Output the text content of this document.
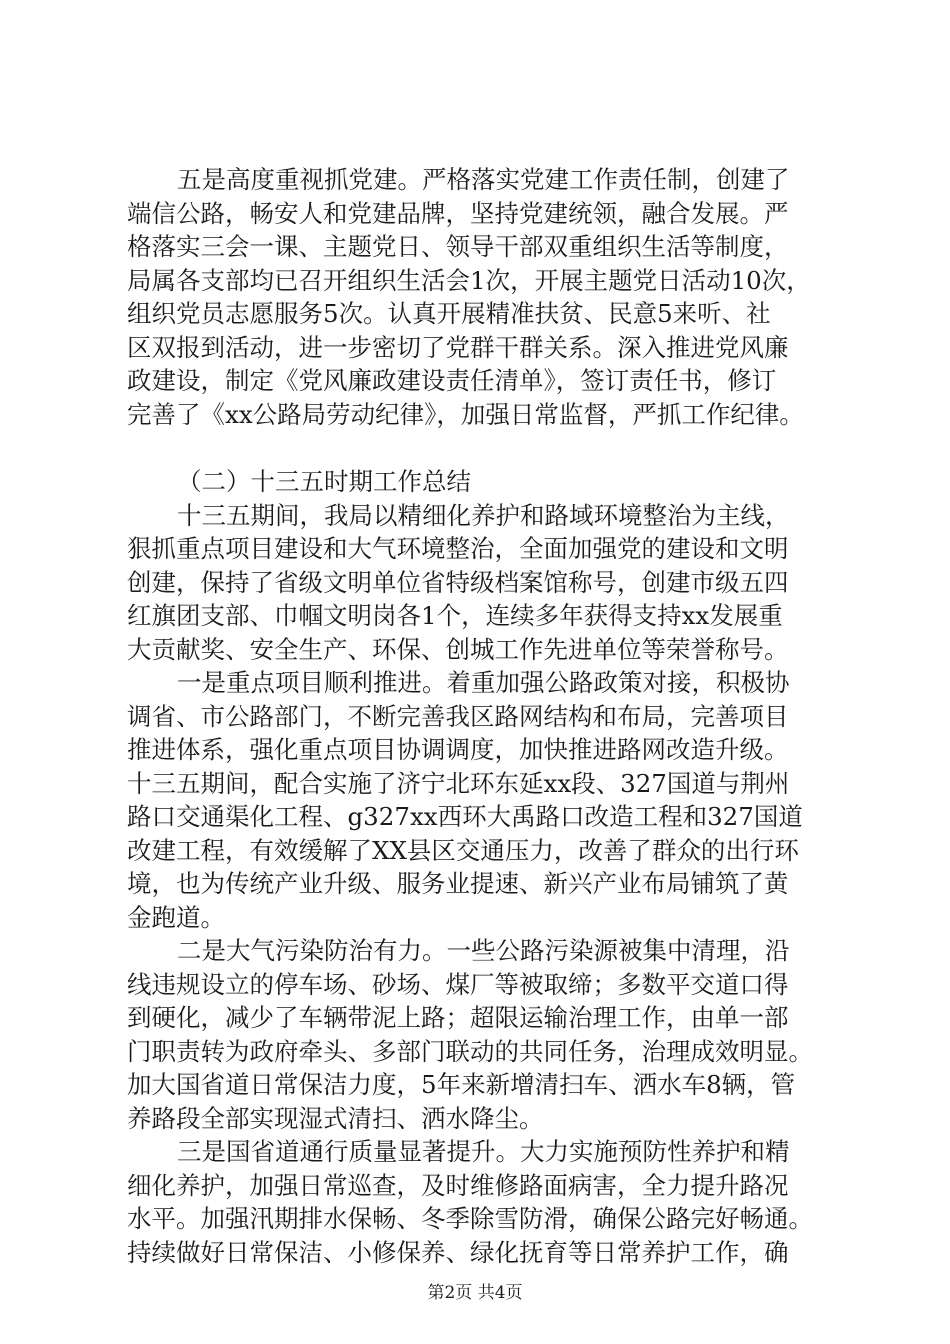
五是高度重视抓党建。严格落实党建工作责任制，创建了
端信公路，畅安人和党建品牌，坚持党建统领，融合发展。严
格落实三会一课、主题党日、领导干部双重组织生活等制度，
局属各支部均已召开组织生活会1次，开展主题党日活动10次，
组织党员志愿服务5次。认真开展精准扶贫、民意5来听、社
区双报到活动，进一步密切了党群干群关系。深入推进党风廉
政建设，制定《党风廉政建设责任清单》，签订责任书，修订
完善了《xx公路局劳动纪律》，加强日常监督，严抓工作纪律。
（二）十三五时期工作总结
十三五期间，我局以精细化养护和路域环境整治为主线，
狠抓重点项目建设和大气环境整治，全面加强党的建设和文明
创建，保持了省级文明单位省特级档案馆称号，创建市级五四
红旗团支部、巾帼文明岗各1个，连续多年获得支持xx发展重
大贡献奖、安全生产、环保、创城工作先进单位等荣誉称号。
一是重点项目顺利推进。着重加强公路政策对接，积极协
调省、市公路部门，不断完善我区路网结构和布局，完善项目
推进体系，强化重点项目协调调度，加快推进路网改造升级。
十三五期间，配合实施了济宁北环东延xx段、327国道与荆州
路口交通渠化工程、g327xx西环大禹路口改造工程和327国道
改建工程，有效缓解了XX县区交通压力，改善了群众的出行环
境，也为传统产业升级、服务业提速、新兴产业布局铺筑了黄
金跑道。
二是大气污染防治有力。一些公路污染源被集中清理，沿
线违规设立的停车场、砂场、煤厂等被取缔；多数平交道口得
到硬化，减少了车辆带泥上路；超限运输治理工作，由单一部
门职责转为政府牵头、多部门联动的共同任务，治理成效明显。
加大国省道日常保洁力度，5年来新增清扫车、洒水车8辆，管
养路段全部实现湿式清扫、洒水降尘。
三是国省道通行质量显著提升。大力实施预防性养护和精
细化养护，加强日常巡查，及时维修路面病害，全力提升路况
水平。加强汛期排水保畅、冬季除雪防滑，确保公路完好畅通。
持续做好日常保洁、小修保养、绿化抚育等日常养护工作，确
第2页 共4页
